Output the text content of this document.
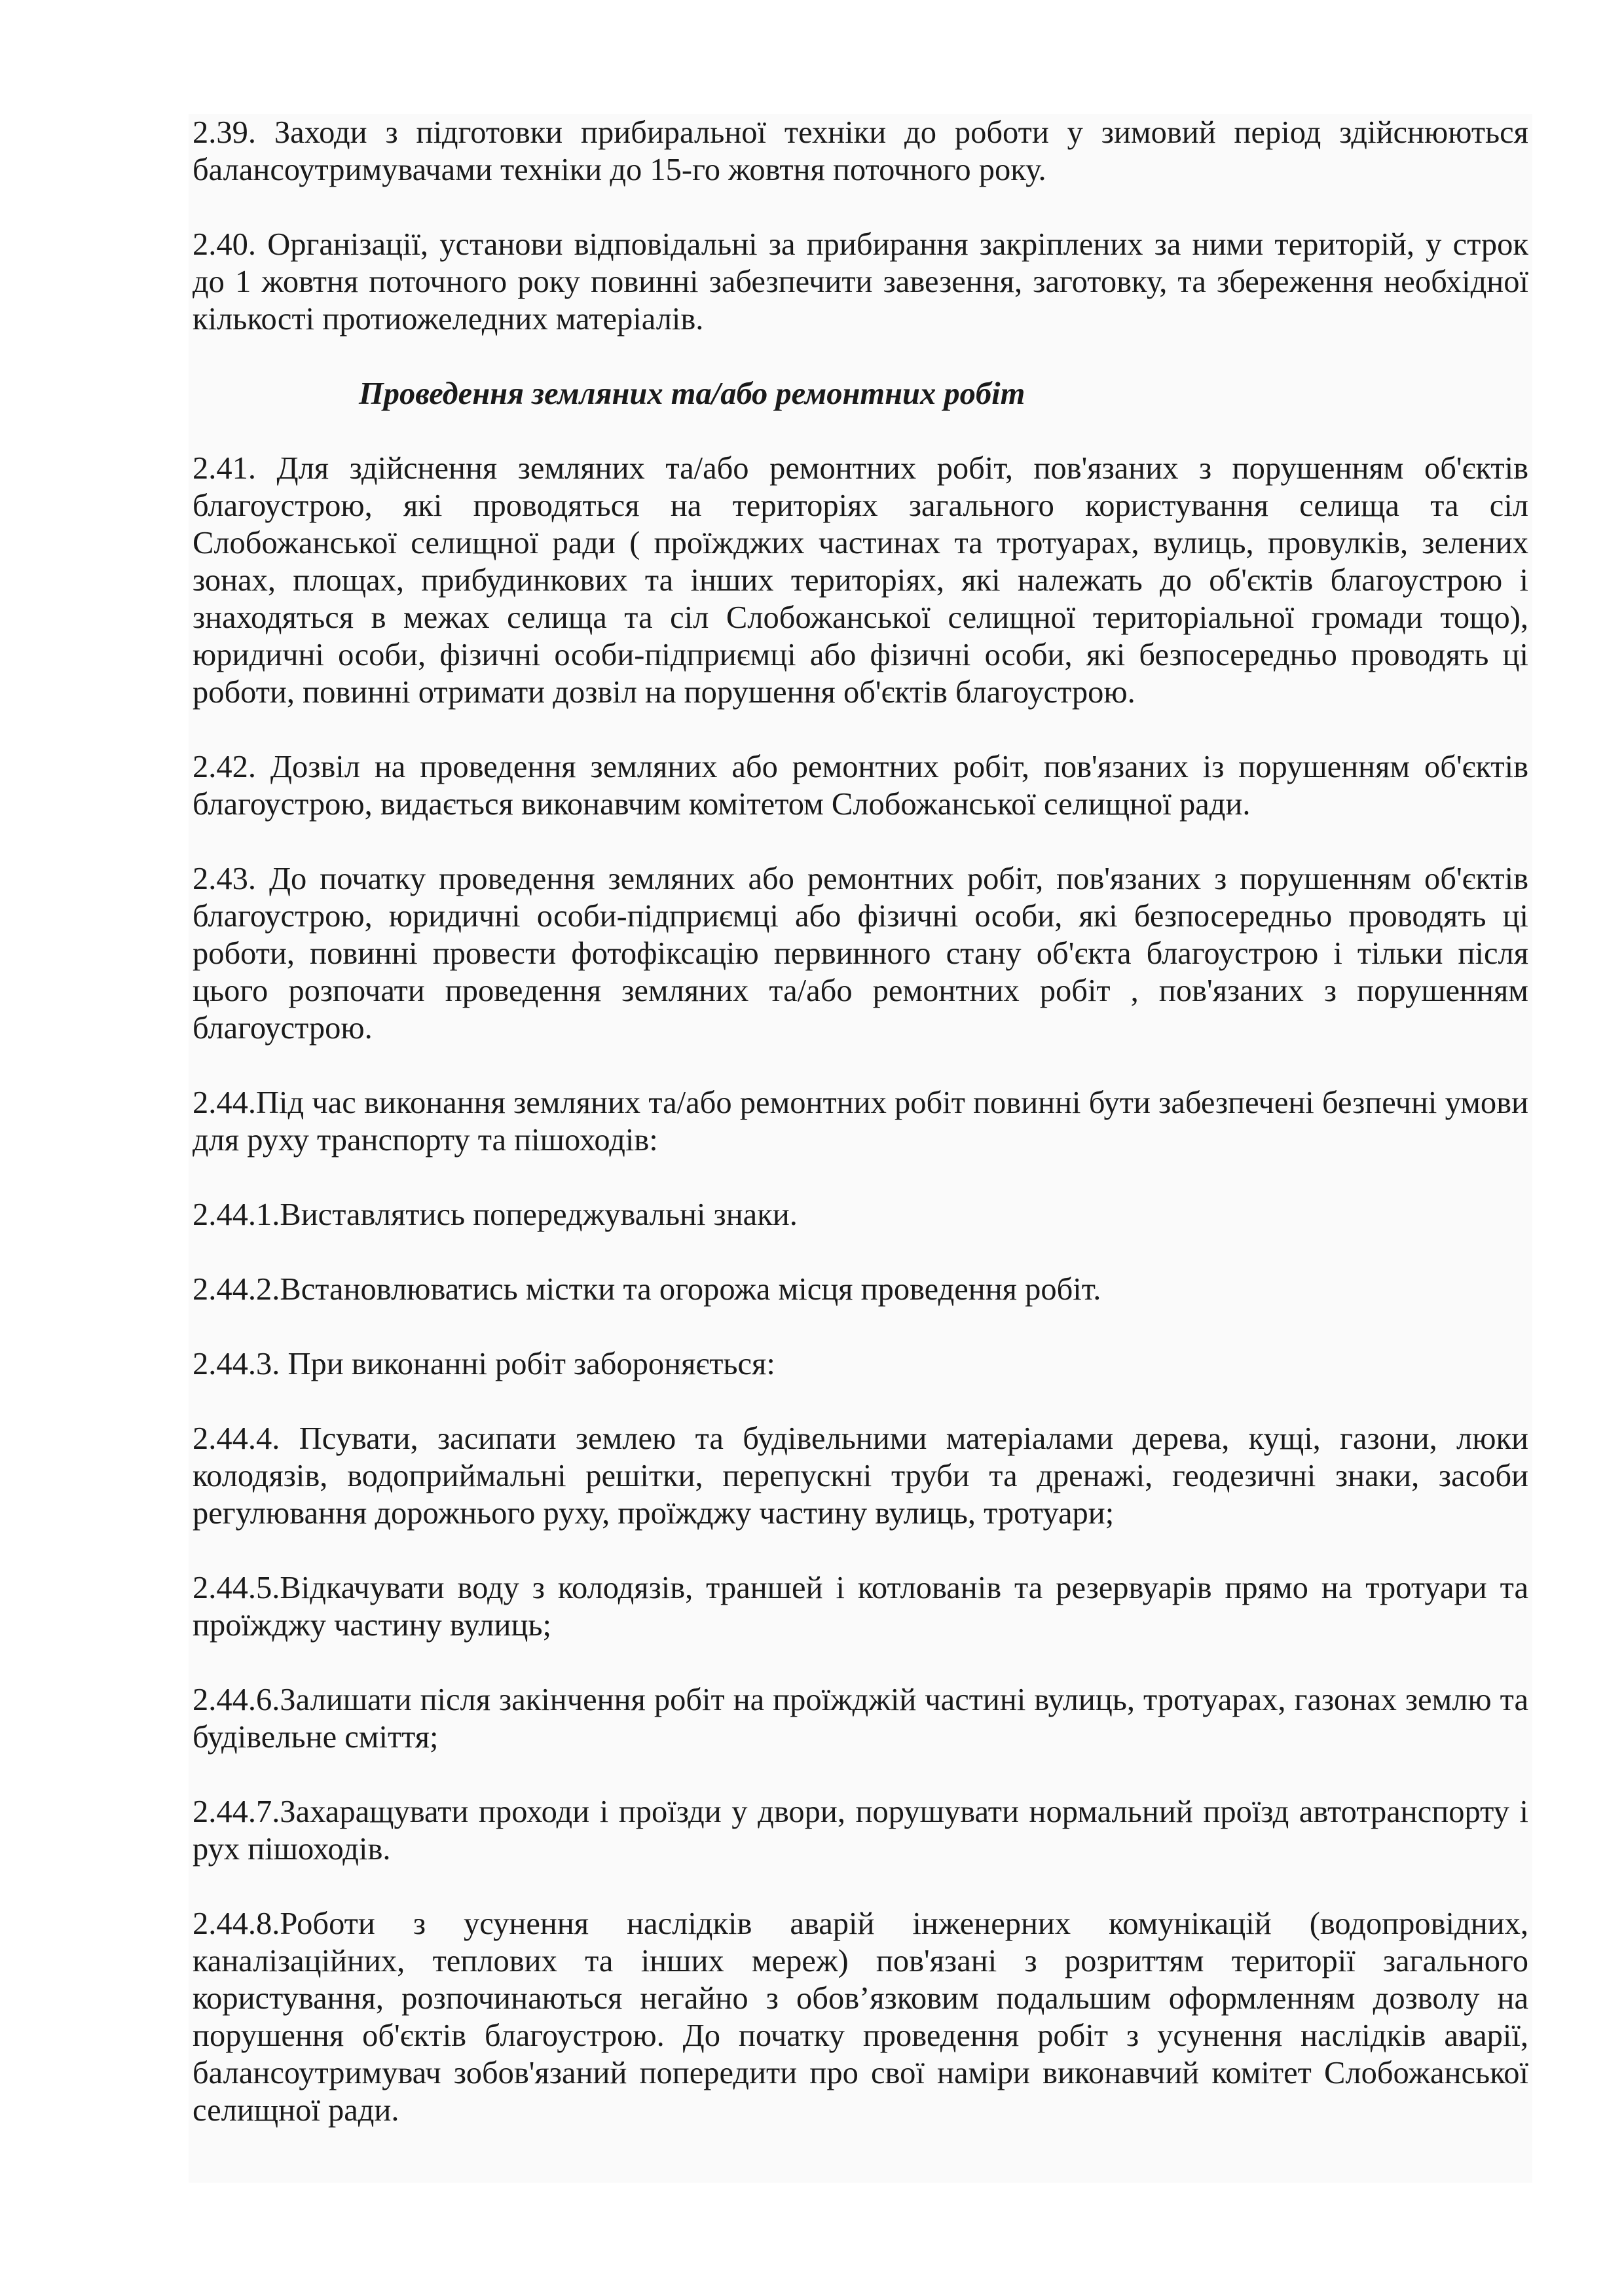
2.39. Заходи з підготовки прибиральної техніки до роботи у зимовий період здійснюються балансоутримувачами техніки до 15-го жовтня поточного року.

2.40. Організації, установи відповідальні за прибирання закріплених за ними територій, у строк до 1 жовтня поточного року повинні забезпечити завезення, заготовку, та збереження необхідної кількості протиожеледних матеріалів.

Проведення земляних та/або ремонтних робіт

2.41. Для здійснення земляних та/або ремонтних робіт, пов'язаних з порушенням об'єктів благоустрою, які проводяться на територіях загального користування селища та сіл Слобожанської селищної ради ( проїжджих частинах та тротуарах, вулиць, провулків, зелених зонах, площах, прибудинкових та інших територіях, які належать до об'єктів благоустрою і знаходяться в межах селища та сіл Слобожанської селищної територіальної громади тощо), юридичні особи, фізичні особи-підприємці або фізичні особи, які безпосередньо проводять ці роботи, повинні отримати дозвіл на порушення об'єктів благоустрою.

2.42. Дозвіл на проведення земляних або ремонтних робіт, пов'язаних із порушенням об'єктів благоустрою, видається виконавчим комітетом Слобожанської селищної ради.

2.43. До початку проведення земляних або ремонтних робіт, пов'язаних з порушенням об'єктів благоустрою, юридичні особи-підприємці або фізичні особи, які безпосередньо проводять ці роботи, повинні провести фотофіксацію первинного стану об'єкта благоустрою і тільки після цього розпочати проведення земляних та/або ремонтних робіт , пов'язаних з порушенням благоустрою.

2.44.Під час виконання земляних та/або ремонтних робіт повинні бути забезпечені безпечні умови для руху транспорту та пішоходів:

2.44.1.Виставлятись попереджувальні знаки.

2.44.2.Встановлюватись містки та огорожа місця проведення робіт.

2.44.3. При виконанні робіт забороняється:

2.44.4. Псувати, засипати землею та будівельними матеріалами дерева, кущі, газони, люки колодязів, водоприймальні решітки, перепускні труби та дренажі, геодезичні знаки, засоби регулювання дорожнього руху, проїжджу частину вулиць, тротуари;

2.44.5.Відкачувати воду з колодязів, траншей і котлованів та резервуарів прямо на тротуари та проїжджу частину вулиць;

2.44.6.Залишати після закінчення робіт на проїжджій частині вулиць, тротуарах, газонах землю та будівельне сміття;

2.44.7.Захаращувати проходи і проїзди у двори, порушувати нормальний проїзд автотранспорту і рух пішоходів.

2.44.8.Роботи з усунення наслідків аварій інженерних комунікацій (водопровідних, каналізаційних, теплових та інших мереж) пов'язані з розриттям території загального користування, розпочинаються негайно з обов’язковим подальшим оформленням дозволу на порушення об'єктів благоустрою. До початку проведення робіт з усунення наслідків аварії, балансоутримувач зобов'язаний попередити про свої наміри виконавчий комітет Слобожанської селищної ради.
